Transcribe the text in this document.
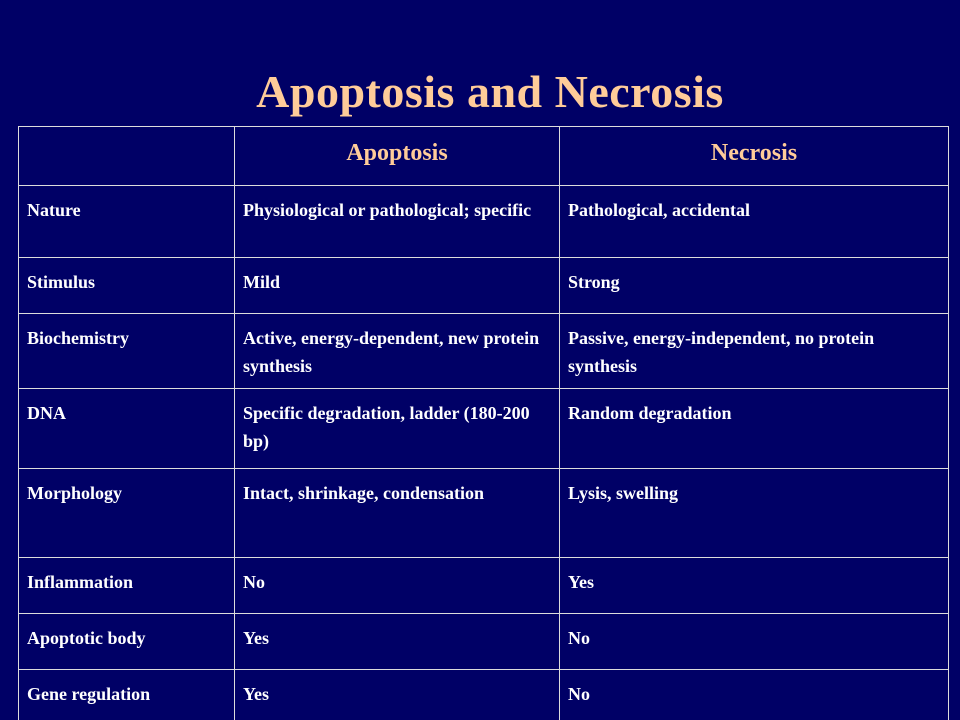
Apoptosis and Necrosis
	Apoptosis	Necrosis
Nature	Physiological or pathological; specific	Pathological, accidental
Stimulus	Mild	Strong
Biochemistry	Active, energy-dependent, new protein synthesis	Passive, energy-independent, no protein synthesis
DNA	Specific degradation, ladder (180-200 bp)	Random degradation
Morphology	Intact, shrinkage, condensation	Lysis, swelling
Inflammation	No	Yes
Apoptotic body	Yes	No
Gene regulation	Yes	No
